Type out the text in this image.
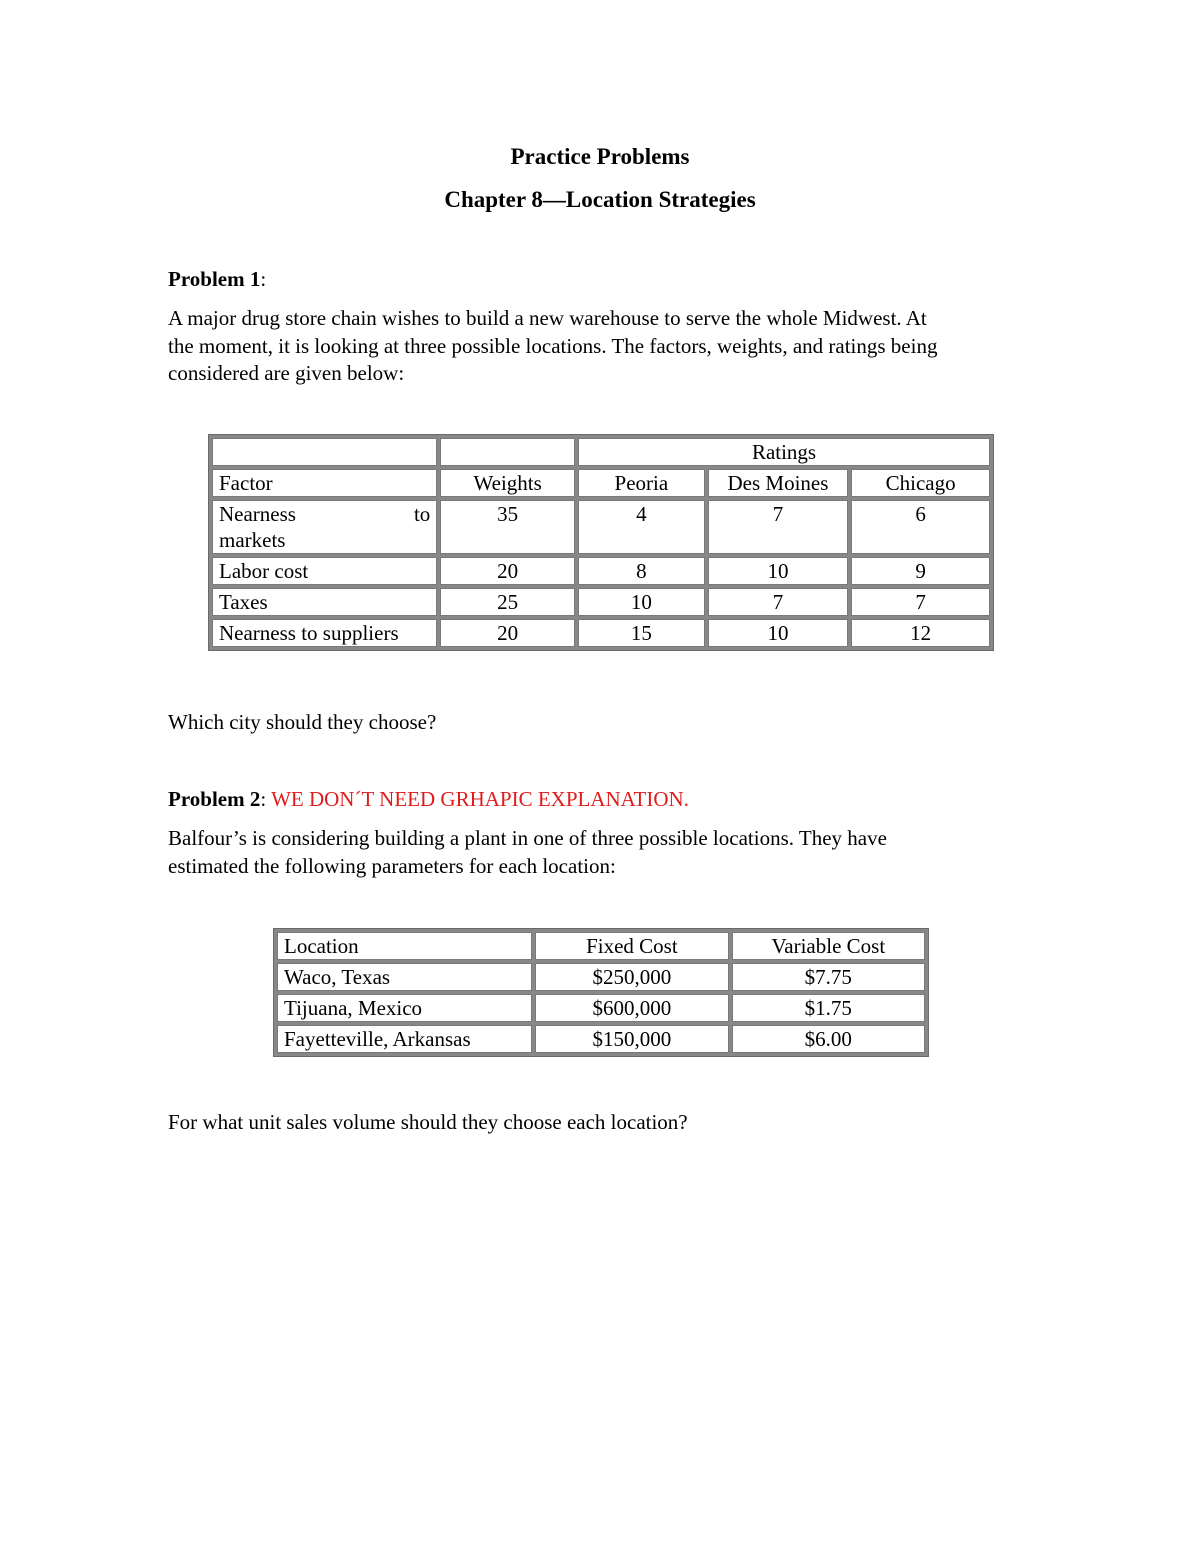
Practice Problems
Chapter 8—Location Strategies
Problem 1:
A major drug store chain wishes to build a new warehouse to serve the whole Midwest. At
the moment, it is looking at three possible locations. The factors, weights, and ratings being
considered are given below:
		Ratings		
Factor	Weights	Peoria	Des Moines	Chicago

Nearness to
markets	35	4	7	6
Labor cost	20	8	10	9
Taxes	25	10	7	7
Nearness to suppliers	20	15	10	12
Which city should they choose?
Problem 2: WE DON´T NEED GRHAPIC EXPLANATION.
Balfour’s is considering building a plant in one of three possible locations. They have
estimated the following parameters for each location:
Location	Fixed Cost	Variable Cost
Waco, Texas	$250,000	$7.75
Tijuana, Mexico	$600,000	$1.75
Fayetteville, Arkansas	$150,000	$6.00
For what unit sales volume should they choose each location?
